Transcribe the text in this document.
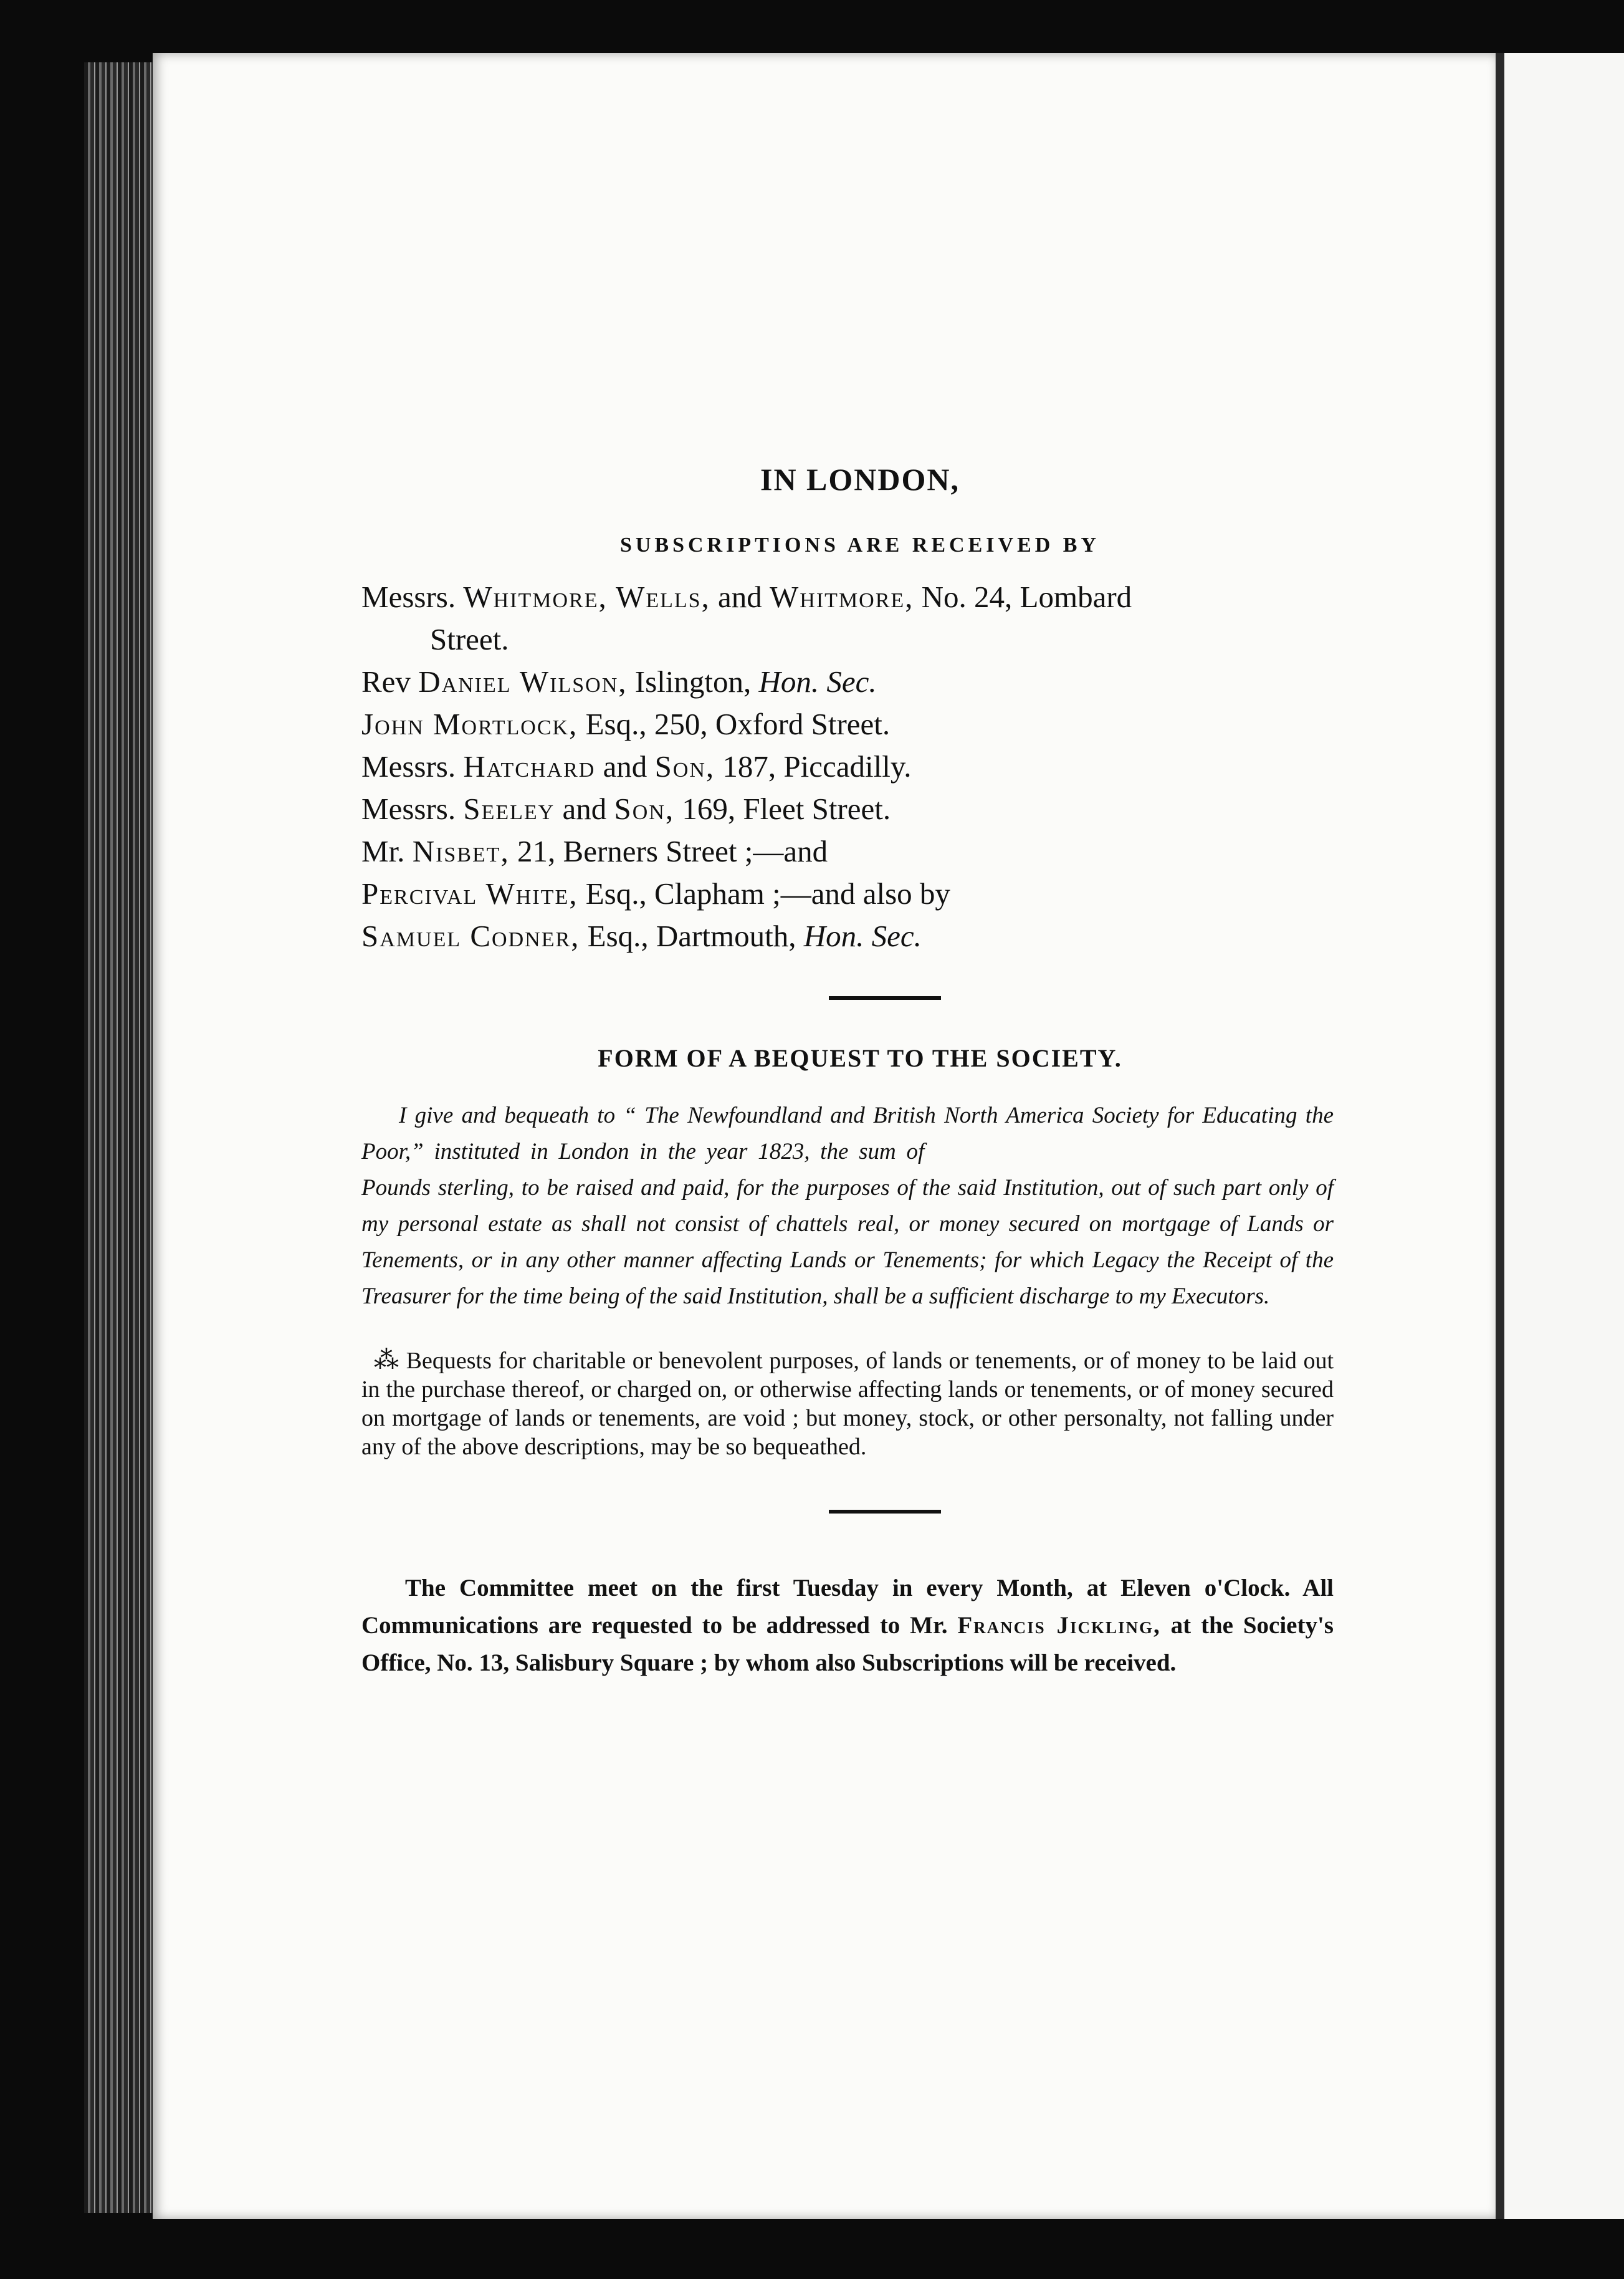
IN LONDON,

SUBSCRIPTIONS ARE RECEIVED BY

Messrs. Whitmore, Wells, and Whitmore, No. 24, Lombard

Street.

Rev Daniel Wilson, Islington, Hon. Sec.

John Mortlock, Esq., 250, Oxford Street.

Messrs. Hatchard and Son, 187, Piccadilly.

Messrs. Seeley and Son, 169, Fleet Street.

Mr. Nisbet, 21, Berners Street ;—and

Percival White, Esq., Clapham ;—and also by

Samuel Codner, Esq., Dartmouth, Hon. Sec.

FORM OF A BEQUEST TO THE SOCIETY.

I give and bequeath to “ The Newfoundland and British North America Society for Educating the Poor,” instituted in London in the year 1823, the sum of  Pounds sterling, to be raised and paid, for the purposes of the said Institution, out of such part only of my personal estate as shall not consist of chattels real, or money secured on mortgage of Lands or Tenements, or in any other manner affecting Lands or Tenements; for which Legacy the Receipt of the Treasurer for the time being of the said Institution, shall be a sufficient discharge to my Executors.

⁂ Bequests for charitable or benevolent purposes, of lands or tenements, or of money to be laid out in the purchase thereof, or charged on, or otherwise affecting lands or tenements, or of money secured on mortgage of lands or tenements, are void ; but money, stock, or other personalty, not falling under any of the above descriptions, may be so bequeathed.

The Committee meet on the first Tuesday in every Month, at Eleven o'Clock. All Communications are requested to be addressed to Mr. Francis Jickling, at the Society's Office, No. 13, Salisbury Square ; by whom also Subscriptions will be received.
